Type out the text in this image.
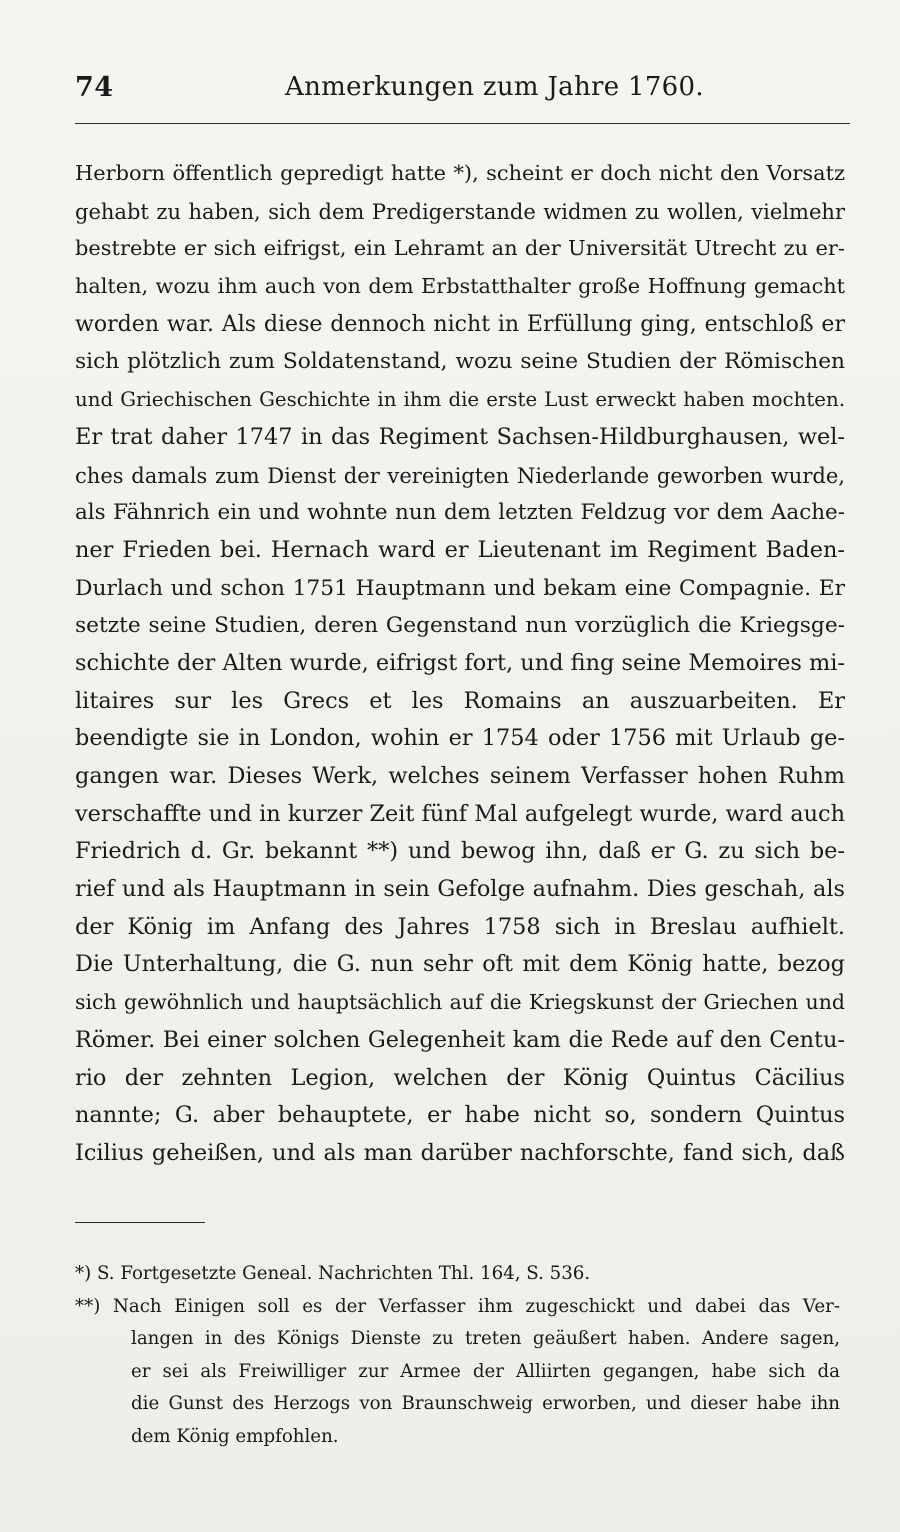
74	Anmerkungen zum Jahre 1760.
Herborn öffentlich gepredigt hatte *), scheint er doch nicht den Vorsatz
gehabt zu haben, sich dem Predigerstande widmen zu wollen, vielmehr
bestrebte er sich eifrigst, ein Lehramt an der Universität Utrecht zu er-
halten, wozu ihm auch von dem Erbstatthalter große Hoffnung gemacht
worden war. Als diese dennoch nicht in Erfüllung ging, entschloß er
sich plötzlich zum Soldatenstand, wozu seine Studien der Römischen
und Griechischen Geschichte in ihm die erste Lust erweckt haben mochten.
Er trat daher 1747 in das Regiment Sachsen-Hildburghausen, wel-
ches damals zum Dienst der vereinigten Niederlande geworben wurde,
als Fähnrich ein und wohnte nun dem letzten Feldzug vor dem Aache-
ner Frieden bei. Hernach ward er Lieutenant im Regiment Baden-
Durlach und schon 1751 Hauptmann und bekam eine Compagnie. Er
setzte seine Studien, deren Gegenstand nun vorzüglich die Kriegsge-
schichte der Alten wurde, eifrigst fort, und fing seine Memoires mi-
litaires sur les Grecs et les Romains an auszuarbeiten. Er
beendigte sie in London, wohin er 1754 oder 1756 mit Urlaub ge-
gangen war. Dieses Werk, welches seinem Verfasser hohen Ruhm
verschaffte und in kurzer Zeit fünf Mal aufgelegt wurde, ward auch
Friedrich d. Gr. bekannt **) und bewog ihn, daß er G. zu sich be-
rief und als Hauptmann in sein Gefolge aufnahm. Dies geschah, als
der König im Anfang des Jahres 1758 sich in Breslau aufhielt.
Die Unterhaltung, die G. nun sehr oft mit dem König hatte, bezog
sich gewöhnlich und hauptsächlich auf die Kriegskunst der Griechen und
Römer. Bei einer solchen Gelegenheit kam die Rede auf den Centu-
rio der zehnten Legion, welchen der König Quintus Cäcilius
nannte; G. aber behauptete, er habe nicht so, sondern Quintus
Icilius geheißen, und als man darüber nachforschte, fand sich, daß
*) S. Fortgesetzte Geneal. Nachrichten Thl. 164, S. 536.
**) Nach Einigen soll es der Verfasser ihm zugeschickt und dabei das Ver-
langen in des Königs Dienste zu treten geäußert haben. Andere sagen,
er sei als Freiwilliger zur Armee der Alliirten gegangen, habe sich da
die Gunst des Herzogs von Braunschweig erworben, und dieser habe ihn
dem König empfohlen.
